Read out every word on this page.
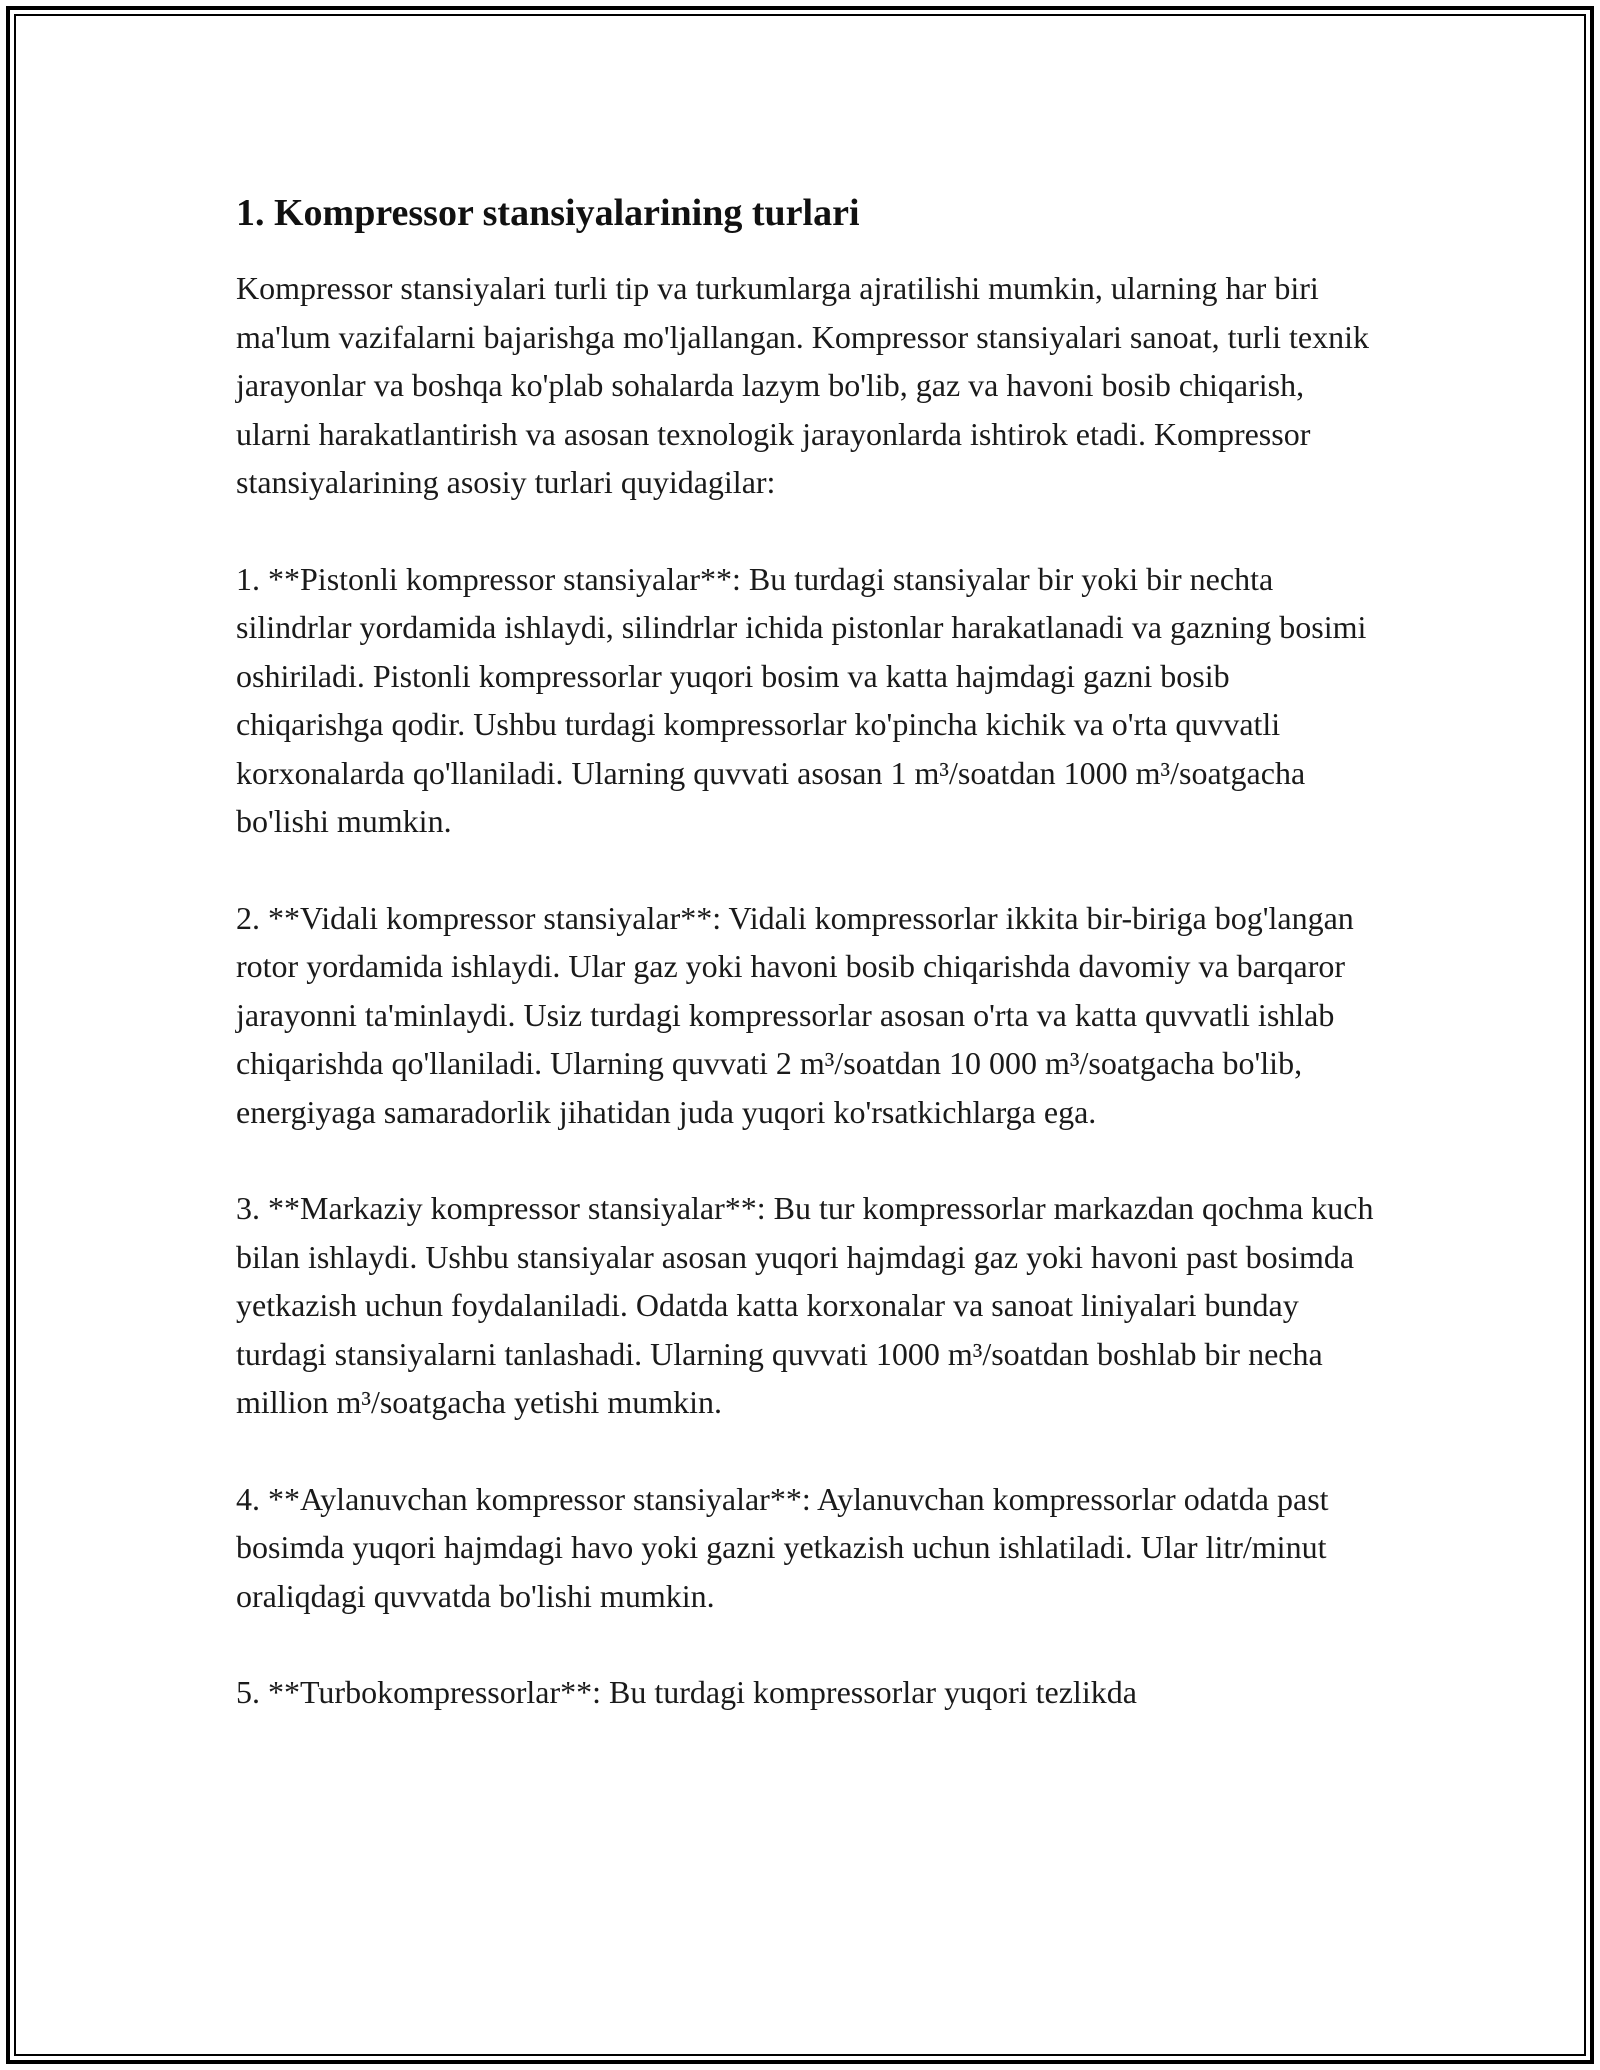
1. Kompressor stansiyalarining turlari

Kompressor stansiyalari turli tip va turkumlarga ajratilishi mumkin, ularning har biri ma'lum vazifalarni bajarishga mo'ljallangan. Kompressor stansiyalari sanoat, turli texnik jarayonlar va boshqa ko'plab sohalarda lazym bo'lib, gaz va havoni bosib chiqarish, ularni harakatlantirish va asosan texnologik jarayonlarda ishtirok etadi. Kompressor stansiyalarining asosiy turlari quyidagilar:

1. **Pistonli kompressor stansiyalar**: Bu turdagi stansiyalar bir yoki bir nechta silindrlar yordamida ishlaydi, silindrlar ichida pistonlar harakatlanadi va gazning bosimi oshiriladi. Pistonli kompressorlar yuqori bosim va katta hajmdagi gazni bosib chiqarishga qodir. Ushbu turdagi kompressorlar ko'pincha kichik va o'rta quvvatli korxonalarda qo'llaniladi. Ularning quvvati asosan 1 m³/soatdan 1000 m³/soatgacha bo'lishi mumkin.

2. **Vidali kompressor stansiyalar**: Vidali kompressorlar ikkita bir-biriga bog'langan rotor yordamida ishlaydi. Ular gaz yoki havoni bosib chiqarishda davomiy va barqaror jarayonni ta'minlaydi. Usiz turdagi kompressorlar asosan o'rta va katta quvvatli ishlab chiqarishda qo'llaniladi. Ularning quvvati 2 m³/soatdan 10 000 m³/soatgacha bo'lib, energiyaga samaradorlik jihatidan juda yuqori ko'rsatkichlarga ega.

3. **Markaziy kompressor stansiyalar**: Bu tur kompressorlar markazdan qochma kuch bilan ishlaydi. Ushbu stansiyalar asosan yuqori hajmdagi gaz yoki havoni past bosimda yetkazish uchun foydalaniladi. Odatda katta korxonalar va sanoat liniyalari bunday turdagi stansiyalarni tanlashadi. Ularning quvvati 1000 m³/soatdan boshlab bir necha million m³/soatgacha yetishi mumkin.

4. **Aylanuvchan kompressor stansiyalar**: Aylanuvchan kompressorlar odatda past bosimda yuqori hajmdagi havo yoki gazni yetkazish uchun ishlatiladi. Ular litr/minut oraliqdagi quvvatda bo'lishi mumkin.

5. **Turbokompressorlar**: Bu turdagi kompressorlar yuqori tezlikda
